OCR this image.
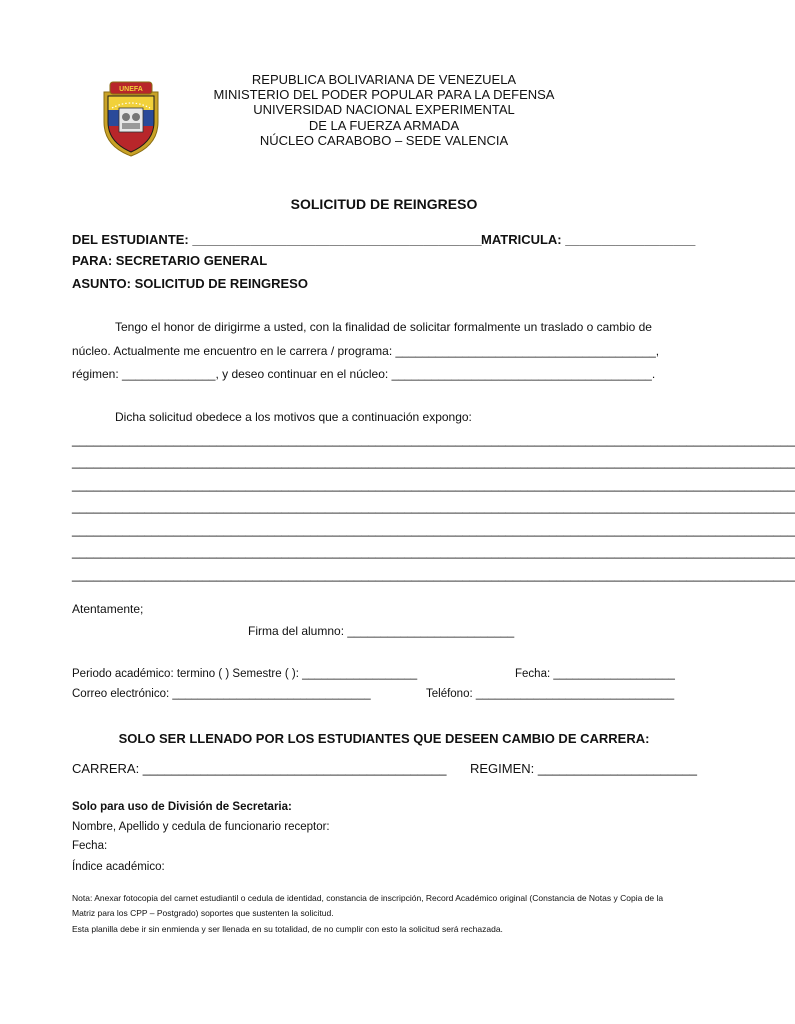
UNEFA
REPUBLICA BOLIVARIANA DE VENEZUELA
MINISTERIO DEL PODER POPULAR PARA LA DEFENSA
UNIVERSIDAD NACIONAL EXPERIMENTAL
DE LA FUERZA ARMADA
NÚCLEO CARABOBO – SEDE VALENCIA
SOLICITUD DE REINGRESO
DEL ESTUDIANTE: ________________________________________ MATRICULA: __________________
PARA: SECRETARIO GENERAL
ASUNTO: SOLICITUD DE REINGRESO
Tengo el honor de dirigirme a usted, con la finalidad de solicitar formalmente un traslado o cambio de
núcleo. Actualmente me encuentro en le carrera / programa: _______________________________________,
régimen: ______________, y deseo continuar en el núcleo: _______________________________________.
Dicha solicitud obedece a los motivos que a continuación expongo:
____________________________________________________________________________________________________
____________________________________________________________________________________________________
____________________________________________________________________________________________________
____________________________________________________________________________________________________
____________________________________________________________________________________________________
____________________________________________________________________________________________________
____________________________________________________________________________________________________
Atentamente;
Firma del alumno: _________________________
Periodo académico: termino ( ) Semestre ( ): __________________	Fecha: ___________________
Correo electrónico: _______________________________	Teléfono: _______________________________
SOLO SER LLENADO POR LOS ESTUDIANTES QUE DESEEN CAMBIO DE CARRERA:
CARRERA: __________________________________________ REGIMEN: ______________________
Solo para uso de División de Secretaria:
Nombre, Apellido y cedula de funcionario receptor:
Fecha:
Índice académico:
Nota: Anexar fotocopia del carnet estudiantil o cedula de identidad, constancia de inscripción, Record Académico original (Constancia de Notas y Copia de la
Matriz para los CPP – Postgrado) soportes que sustenten la solicitud.
Esta planilla debe ir sin enmienda y ser llenada en su totalidad, de no cumplir con esto la solicitud será rechazada.
